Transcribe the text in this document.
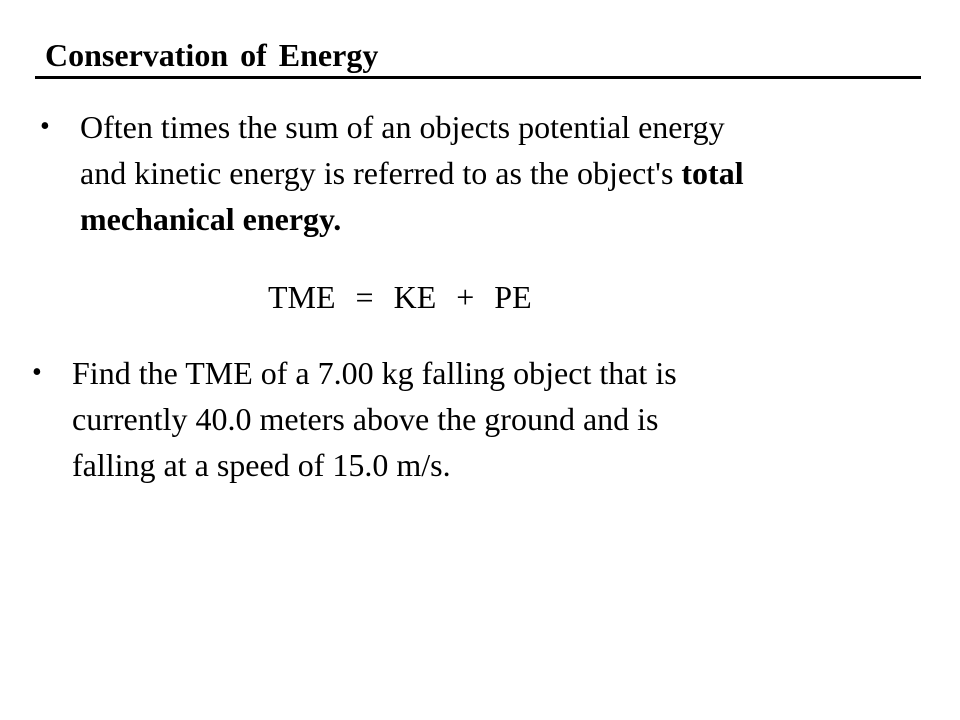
Conservation of Energy
• Often times the sum of an objects potential energy
and kinetic energy is referred to as the object's total
mechanical energy.
TME  =  KE  +  PE
• Find the TME of a 7.00 kg falling object that is
currently 40.0 meters above the ground and is
falling at a speed of 15.0 m/s.
